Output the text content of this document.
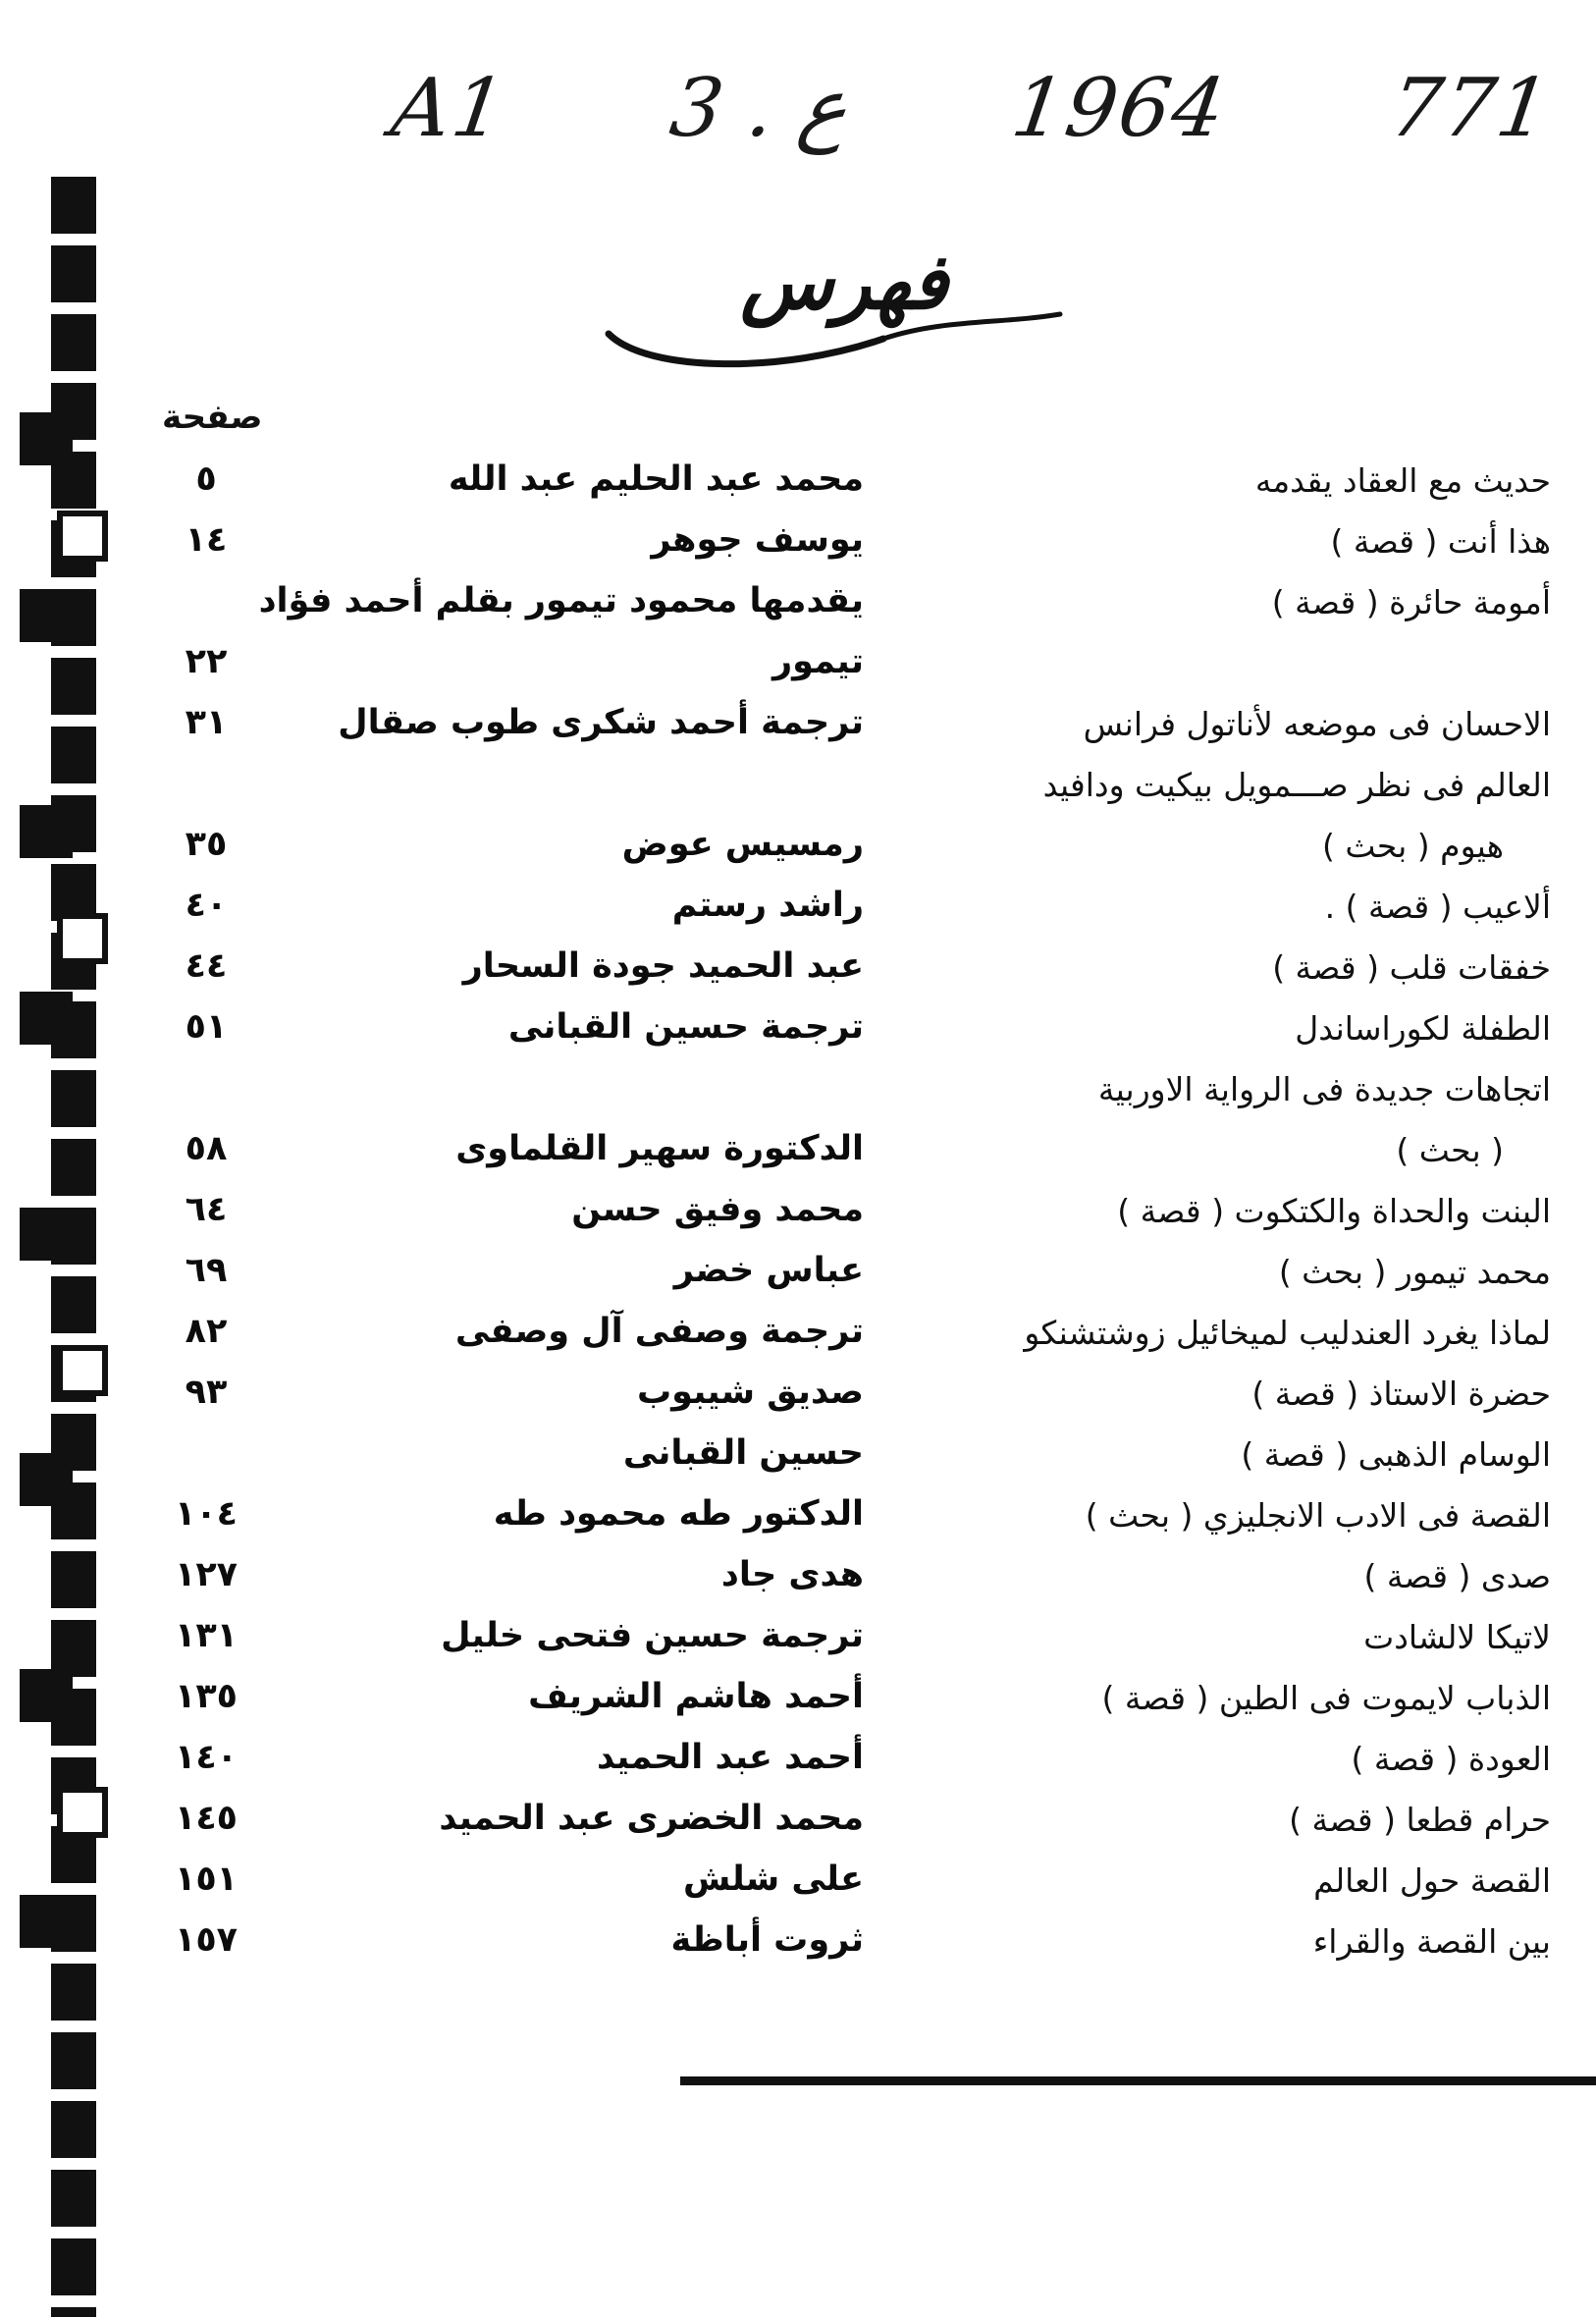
A1 3 . ع 1964 771
فهرس
صفحة
حديث مع العقاد يقدمه
محمد عبد الحليم عبد الله
٥
هذا أنت ( قصة )
يوسف جوهر
١٤
أمومة حائرة ( قصة )
يقدمها محمود تيمور بقلم أحمد فؤاد
تيمور
٢٢
الاحسان فى موضعه لأناتول فرانس
ترجمة أحمد شكرى طوب صقال
٣١
العالم فى نظر صـــمويل بيكيت ودافيد
هيوم ( بحث )
رمسيس عوض
٣٥
ألاعيب ( قصة ) .
راشد رستم
٤٠
خفقات قلب ( قصة )
عبد الحميد جودة السحار
٤٤
الطفلة لكوراساندل
ترجمة حسين القبانى
٥١
اتجاهات جديدة فى الرواية الاوربية
( بحث )
الدكتورة سهير القلماوى
٥٨
البنت والحداة والكتكوت ( قصة )
محمد وفيق حسن
٦٤
محمد تيمور ( بحث )
عباس خضر
٦٩
لماذا يغرد العندليب لميخائيل زوشتشنكو
ترجمة وصفى آل وصفى
٨٢
حضرة الاستاذ ( قصة )
صديق شيبوب
٩٣
الوسام الذهبى ( قصة )
حسين القبانى
القصة فى الادب الانجليزي ( بحث )
الدكتور طه محمود طه
١٠٤
صدى ( قصة )
هدى جاد
١٢٧
لاتيكا لالشادت
ترجمة حسين فتحى خليل
١٣١
الذباب لايموت فى الطين ( قصة )
أحمد هاشم الشريف
١٣٥
العودة ( قصة )
أحمد عبد الحميد
١٤٠
حرام قطعا ( قصة )
محمد الخضرى عبد الحميد
١٤٥
القصة حول العالم
على شلش
١٥١
بين القصة والقراء
ثروت أباظة
١٥٧
